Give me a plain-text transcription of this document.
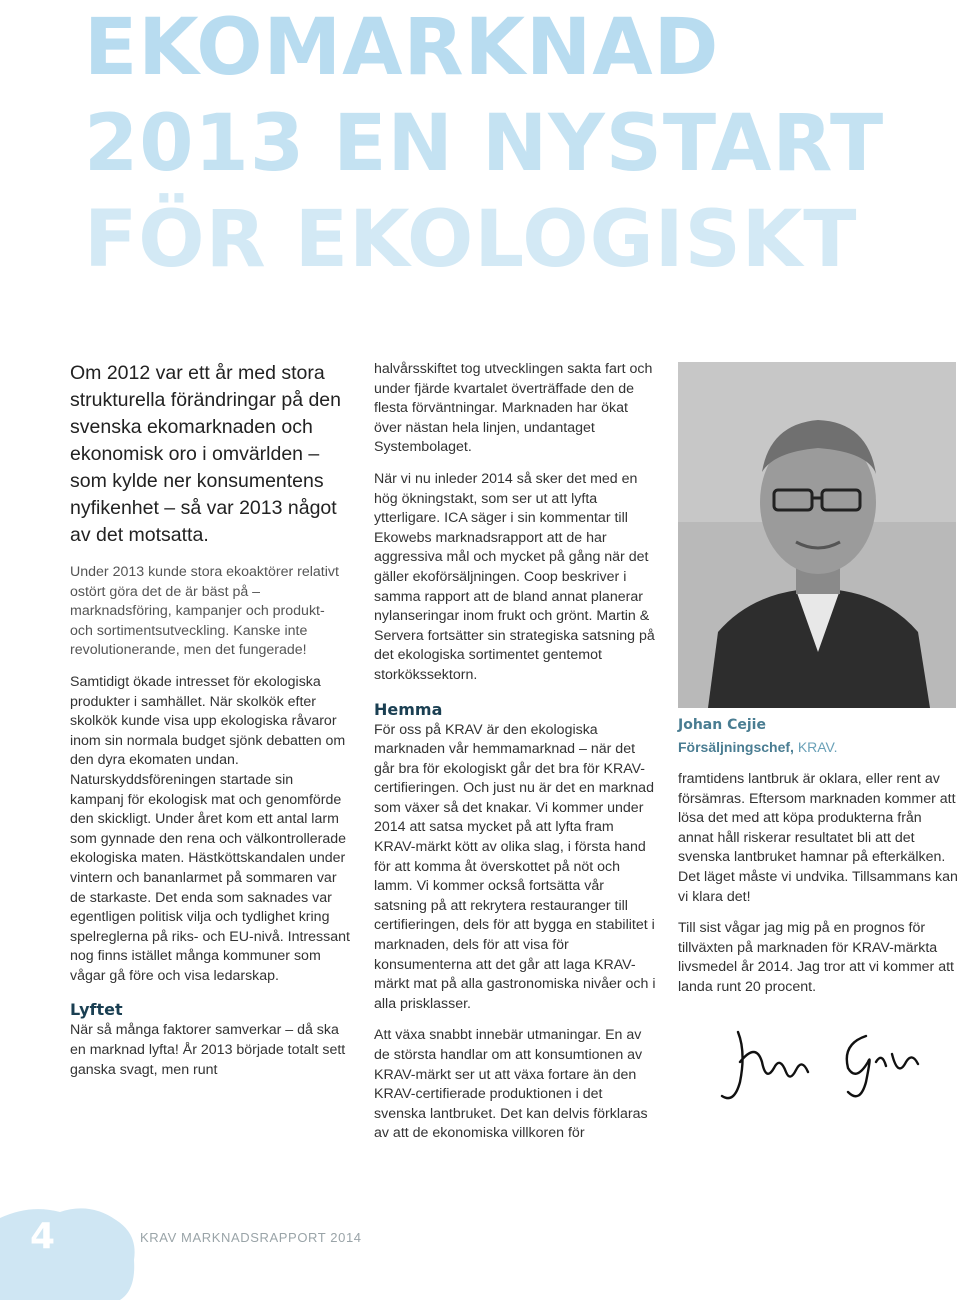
EKOMARKNAD
2013 EN NYSTART
FÖR EKOLOGISKT

Om 2012 var ett år med stora strukturella förändringar på den svenska ekomarknaden och ekonomisk oro i omvärlden – som kylde ner konsumentens nyfikenhet – så var 2013 något av det motsatta.

Under 2013 kunde stora ekoaktörer relativt ostört göra det de är bäst på – marknadsföring, kampanjer och produkt- och sortimentsutveckling. Kanske inte revolutionerande, men det fungerade!

Samtidigt ökade intresset för ekologiska produkter i samhället. När skolkök efter skolkök kunde visa upp ekologiska råvaror inom sin normala budget sjönk debatten om den dyra ekomaten undan. Naturskyddsföreningen startade sin kampanj för ekologisk mat och genomförde den skickligt. Under året kom ett antal larm som gynnade den rena och välkontrollerade ekologiska maten. Hästköttskandalen under vintern och bananlarmet på sommaren var de starkaste. Det enda som saknades var egentligen politisk vilja och tydlighet kring spelreglerna på riks- och EU-nivå. Intressant nog finns istället många kommuner som vågar gå före och visa ledarskap.

Lyftet

När så många faktorer samverkar – då ska en marknad lyfta! År 2013 började totalt sett ganska svagt, men runt

halvårsskiftet tog utvecklingen sakta fart och under fjärde kvartalet överträffade den de flesta förväntningar. Marknaden har ökat över nästan hela linjen, undantaget Systembolaget.

När vi nu inleder 2014 så sker det med en hög ökningstakt, som ser ut att lyfta ytterligare. ICA säger i sin kommentar till Ekowebs marknadsrapport att de har aggressiva mål och mycket på gång när det gäller ekoförsäljningen. Coop beskriver i samma rapport att de bland annat planerar nylanseringar inom frukt och grönt. Martin & Servera fortsätter sin strategiska satsning på det ekologiska sortimentet gentemot storkökssektorn.

Hemma

För oss på KRAV är den ekologiska marknaden vår hemmamarknad – när det går bra för ekologiskt går det bra för KRAV-certifieringen. Och just nu är det en marknad som växer så det knakar. Vi kommer under 2014 att satsa mycket på att lyfta fram KRAV-märkt kött av olika slag, i första hand för att komma åt överskottet på nöt och lamm. Vi kommer också fortsätta vår satsning på att rekrytera restauranger till certifieringen, dels för att bygga en stabilitet i marknaden, dels för att visa för konsumenterna att det går att laga KRAV-märkt mat på alla gastronomiska nivåer och i alla prisklasser.

Att växa snabbt innebär utmaningar. En av de största handlar om att konsumtionen av KRAV-märkt ser ut att växa fortare än den KRAV-certifierade produktionen i det svenska lantbruket. Det kan delvis förklaras av att de ekonomiska villkoren för

Johan Cejie

Försäljningschef, KRAV.

framtidens lantbruk är oklara, eller rent av försämras. Eftersom marknaden kommer att lösa det med att köpa produkterna från annat håll riskerar resultatet bli att det svenska lantbruket hamnar på efterkälken. Det läget måste vi undvika. Tillsammans kan vi klara det!

Till sist vågar jag mig på en prognos för tillväxten på marknaden för KRAV-märkta livsmedel år 2014. Jag tror att vi kommer att landa runt 20 procent.

4	KRAV MARKNADSRAPPORT 2014
